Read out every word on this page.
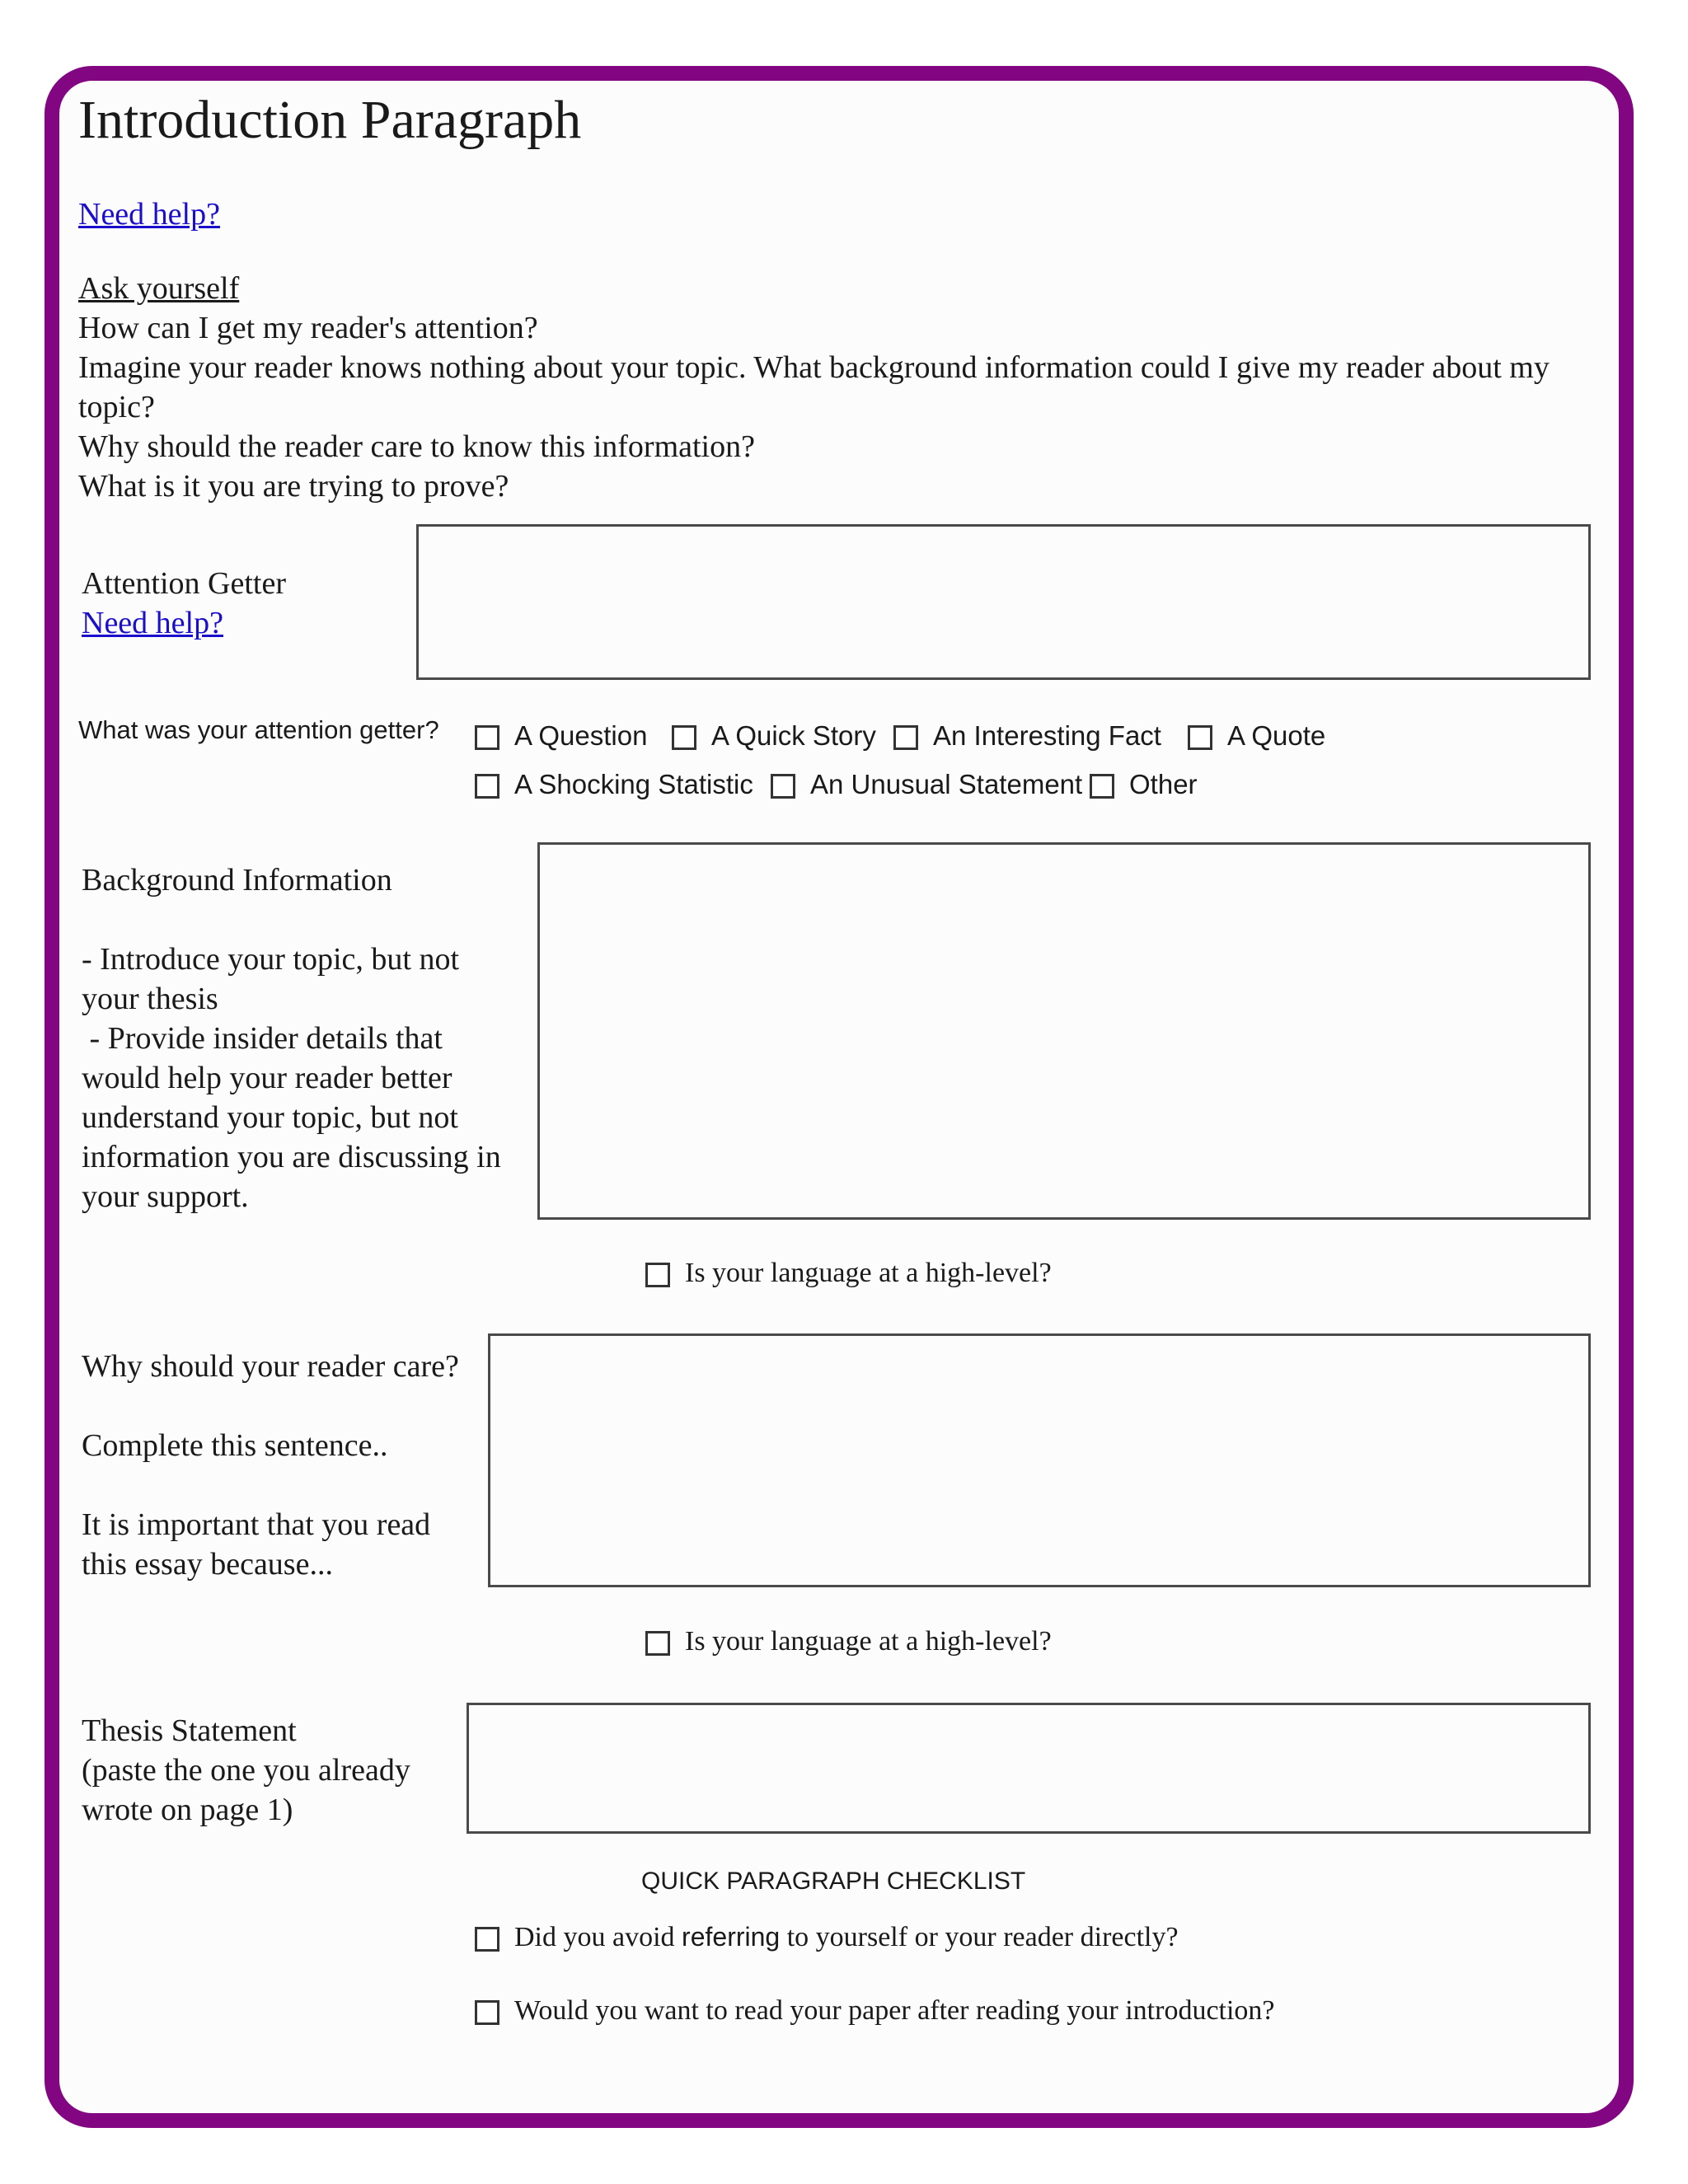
Introduction Paragraph
Need help?
Ask yourself
How can I get my reader's attention?
Imagine your reader knows nothing about your topic. What background information could I give my reader about my topic?
Why should the reader care to know this information?
What is it you are trying to prove?
Attention Getter
Need help?
What was your attention getter?	A Question	A Quick Story	An Interesting Fact	A Quote
A Shocking Statistic	An Unusual Statement	Other
Background Information
- Introduce your topic, but not
your thesis
- Provide insider details that
would help your reader better
understand your topic, but not
information you are discussing in
your support.
Is your language at a high-level?
Why should your reader care?
Complete this sentence..
It is important that you read
this essay because...
Is your language at a high-level?
Thesis Statement
(paste the one you already
wrote on page 1)
QUICK PARAGRAPH CHECKLIST
Did you avoid referring to yourself or your reader directly?
Would you want to read your paper after reading your introduction?
